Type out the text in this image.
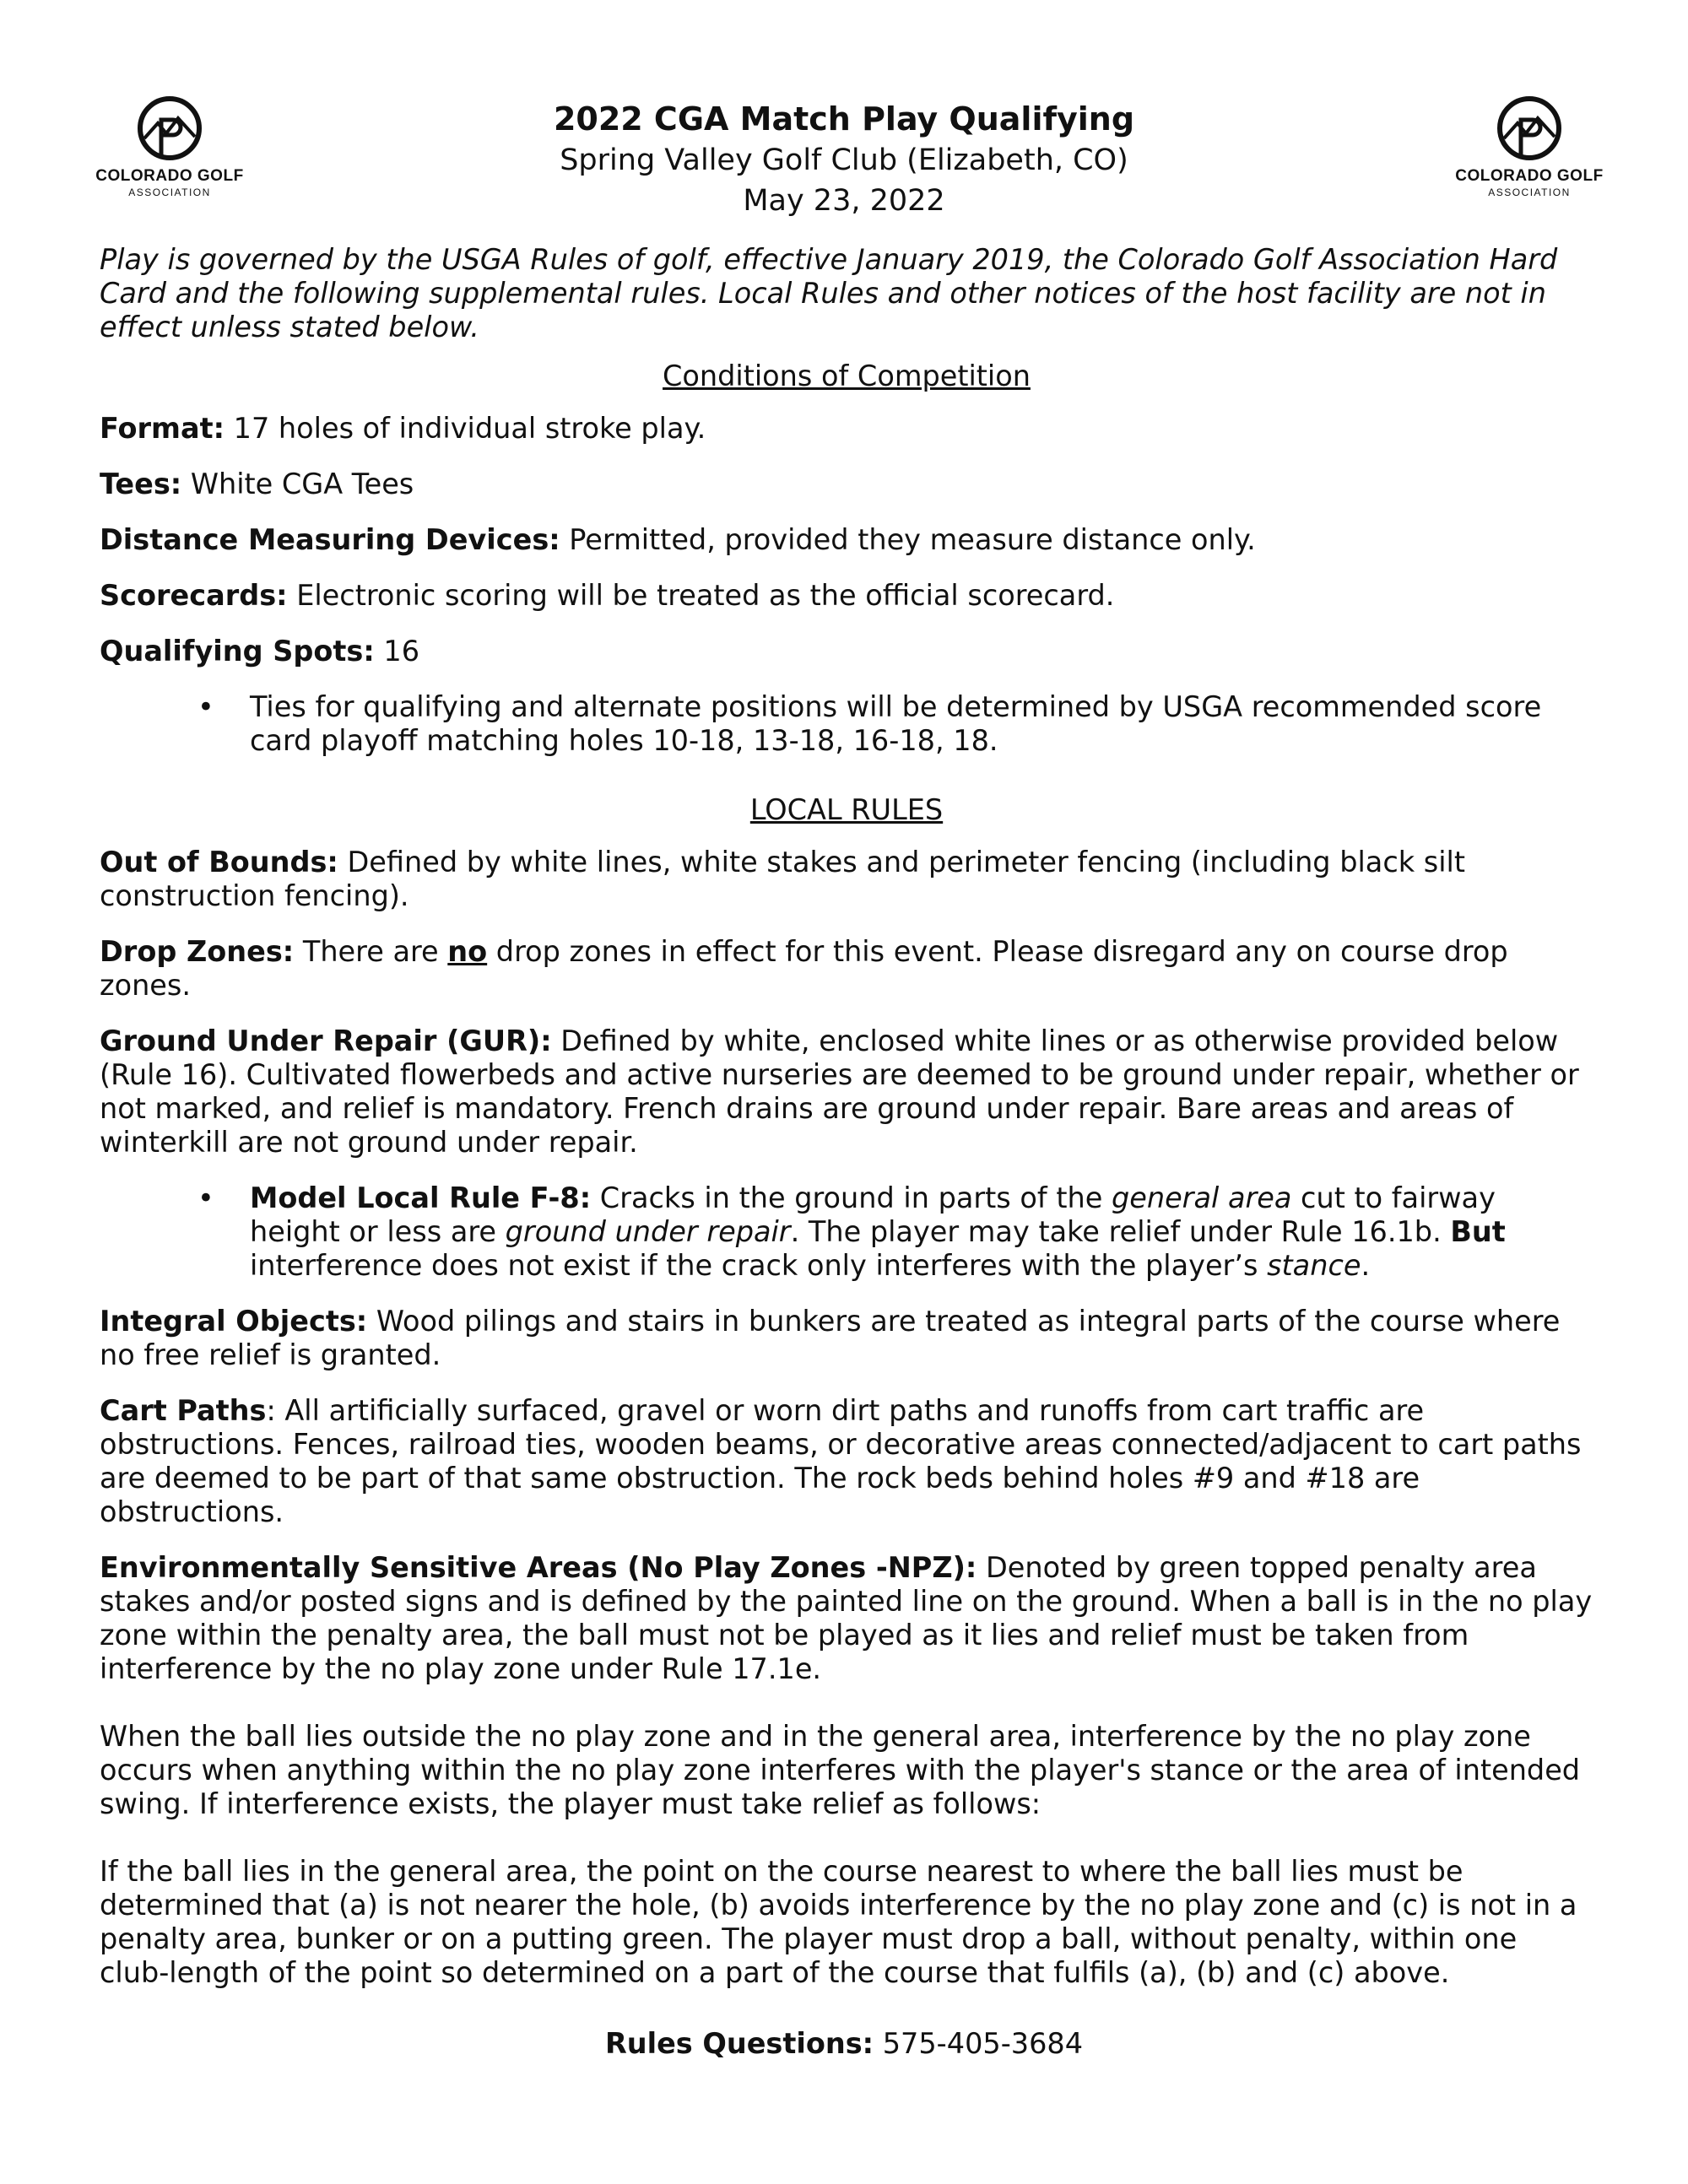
COLORADO GOLF
ASSOCIATION
COLORADO GOLF
ASSOCIATION
2022 CGA Match Play Qualifying
Spring Valley Golf Club (Elizabeth, CO)
May 23, 2022

Play is governed by the USGA Rules of golf, effective January 2019, the Colorado Golf Association Hard Card and the following supplemental rules. Local Rules and other notices of the host facility are not in effect unless stated below.

Conditions of Competition

Format: 17 holes of individual stroke play.

Tees: White CGA Tees

Distance Measuring Devices: Permitted, provided they measure distance only.

Scorecards: Electronic scoring will be treated as the official scorecard.

Qualifying Spots: 16

• Ties for qualifying and alternate positions will be determined by USGA recommended score card playoff matching holes 10-18, 13-18, 16-18, 18.

LOCAL RULES

Out of Bounds: Defined by white lines, white stakes and perimeter fencing (including black silt construction fencing).

Drop Zones: There are no drop zones in effect for this event. Please disregard any on course drop zones.

Ground Under Repair (GUR): Defined by white, enclosed white lines or as otherwise provided below (Rule 16). Cultivated flowerbeds and active nurseries are deemed to be ground under repair, whether or not marked, and relief is mandatory. French drains are ground under repair. Bare areas and areas of winterkill are not ground under repair.

• Model Local Rule F-8: Cracks in the ground in parts of the general area cut to fairway height or less are ground under repair. The player may take relief under Rule 16.1b. But interference does not exist if the crack only interferes with the player’s stance.

Integral Objects: Wood pilings and stairs in bunkers are treated as integral parts of the course where no free relief is granted.

Cart Paths: All artificially surfaced, gravel or worn dirt paths and runoffs from cart traffic are obstructions. Fences, railroad ties, wooden beams, or decorative areas connected/adjacent to cart paths are deemed to be part of that same obstruction. The rock beds behind holes #9 and #18 are obstructions.

Environmentally Sensitive Areas (No Play Zones -NPZ): Denoted by green topped penalty area stakes and/or posted signs and is defined by the painted line on the ground. When a ball is in the no play zone within the penalty area, the ball must not be played as it lies and relief must be taken from interference by the no play zone under Rule 17.1e.

When the ball lies outside the no play zone and in the general area, interference by the no play zone occurs when anything within the no play zone interferes with the player's stance or the area of intended swing. If interference exists, the player must take relief as follows:

If the ball lies in the general area, the point on the course nearest to where the ball lies must be determined that (a) is not nearer the hole, (b) avoids interference by the no play zone and (c) is not in a penalty area, bunker or on a putting green. The player must drop a ball, without penalty, within one club-length of the point so determined on a part of the course that fulfils (a), (b) and (c) above.

Rules Questions: 575-405-3684
